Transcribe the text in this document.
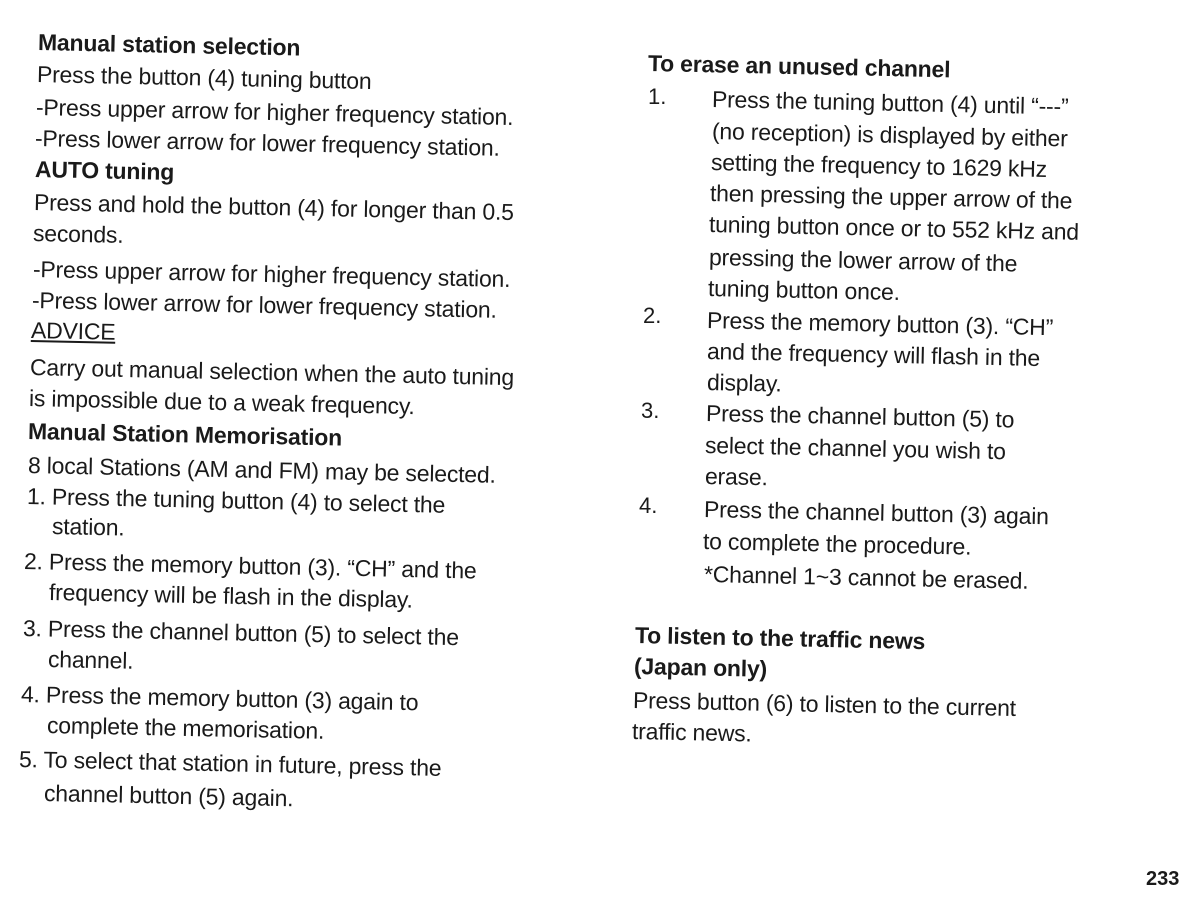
Manual station selection
Press the button (4) tuning button
-Press upper arrow for higher frequency station.
-Press lower arrow for lower frequency station.
AUTO tuning
Press and hold the button (4) for longer than 0.5
seconds.
-Press upper arrow for higher frequency station.
-Press lower arrow for lower frequency station.
ADVICE
Carry out manual selection when the auto tuning
is impossible due to a weak frequency.
Manual Station Memorisation
8 local Stations (AM and FM) may be selected.
1. Press the tuning button (4) to select the
station.
2. Press the memory button (3). “CH” and the
frequency will be flash in the display.
3. Press the channel button (5) to select the
channel.
4. Press the memory button (3) again to
complete the memorisation.
5. To select that station in future, press the
channel button (5) again.
To erase an unused channel
1. Press the tuning button (4) until “---”
(no reception) is displayed by either
setting the frequency to 1629 kHz
then pressing the upper arrow of the
tuning button once or to 552 kHz and
pressing the lower arrow of the
tuning button once.
2. Press the memory button (3). “CH”
and the frequency will flash in the
display.
3. Press the channel button (5) to
select the channel you wish to
erase.
4. Press the channel button (3) again
to complete the procedure.
*Channel 1~3 cannot be erased.
To listen to the traffic news
(Japan only)
Press button (6) to listen to the current
traffic news.
233
